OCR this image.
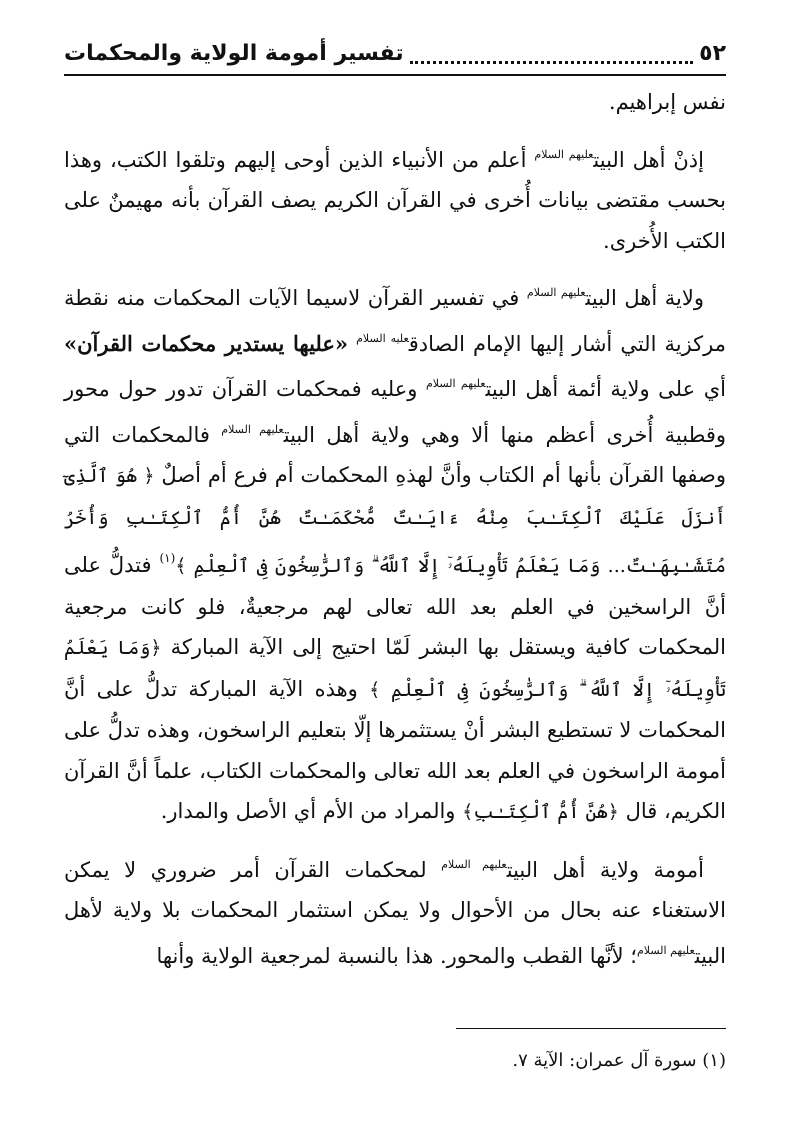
٥٢
تفسير أمومة الولاية والمحكمات

نفس إبراهيم.

إذنْ أهل البيت$^{عليهم السلام}$ أعلم من الأنبياء الذين أوحى إليهم وتلقوا الكتب، وهذا بحسب مقتضى بيانات أُخرى في القرآن الكريم يصف القرآن بأنه مهيمنٌ على الكتب الأُخرى.

ولاية أهل البيت$^{عليهم السلام}$ في تفسير القرآن لاسيما الآيات المحكمات منه نقطة مركزية التي أشار إليها الإمام الصادق$^{عليه السلام}$ «عليها يستدير محكمات القرآن» أي على ولاية أئمة أهل البيت$^{عليهم السلام}$ وعليه فمحكمات القرآن تدور حول محور وقطبية أُخرى أعظم منها ألا وهي ولاية أهل البيت$^{عليهم السلام}$ فالمحكمات التي وصفها القرآن بأنها أم الكتاب وأنَّ لهذهِ المحكمات أم فرع أم أصلٌ ﴿ هُوَ ٱلَّذِىٓ أَنزَلَ عَلَيْكَ ٱلْكِتَـٰبَ مِنْهُ ءَايَـٰتٌ مُّحْكَمَـٰتٌ هُنَّ أُمُّ ٱلْكِتَـٰبِ وَأُخَرُ مُتَشَـٰبِهَـٰتٌ... وَمَا يَعْلَمُ تَأْوِيلَهُۥٓ إِلَّا ٱللَّهُ ۗ وَٱلرَّٰسِخُونَ فِى ٱلْعِلْمِ ﴾$^{(١)}$ فتدلُّ على أنَّ الراسخين في العلم بعد الله تعالى لهم مرجعيةٌ، فلو كانت مرجعية المحكمات كافية ويستقل بها البشر لَمّا احتيج إلى الآية المباركة ﴿وَمَا يَعْلَمُ تَأْوِيلَهُۥٓ إِلَّا ٱللَّهُ ۗ وَٱلرَّٰسِخُونَ فِى ٱلْعِلْمِ ﴾ وهذه الآية المباركة تدلُّ على أنَّ المحكمات لا تستطيع البشر أنْ يستثمرها إلّا بتعليم الراسخون، وهذه تدلُّ على أمومة الراسخون في العلم بعد الله تعالى والمحكمات الكتاب، علماً أنَّ القرآن الكريم، قال ﴿هُنَّ أُمُّ ٱلْكِتَـٰبِ﴾ والمراد من الأم أي الأصل والمدار.

أمومة ولاية أهل البيت$^{عليهم السلام}$ لمحكمات القرآن أمر ضروري لا يمكن الاستغناء عنه بحال من الأحوال ولا يمكن استثمار المحكمات بلا ولاية لأهل البيت$^{عليهم السلام}$؛ لأنَّها القطب والمحور. هذا بالنسبة لمرجعية الولاية وأنها

(١) سورة آل عمران: الآية ٧.
